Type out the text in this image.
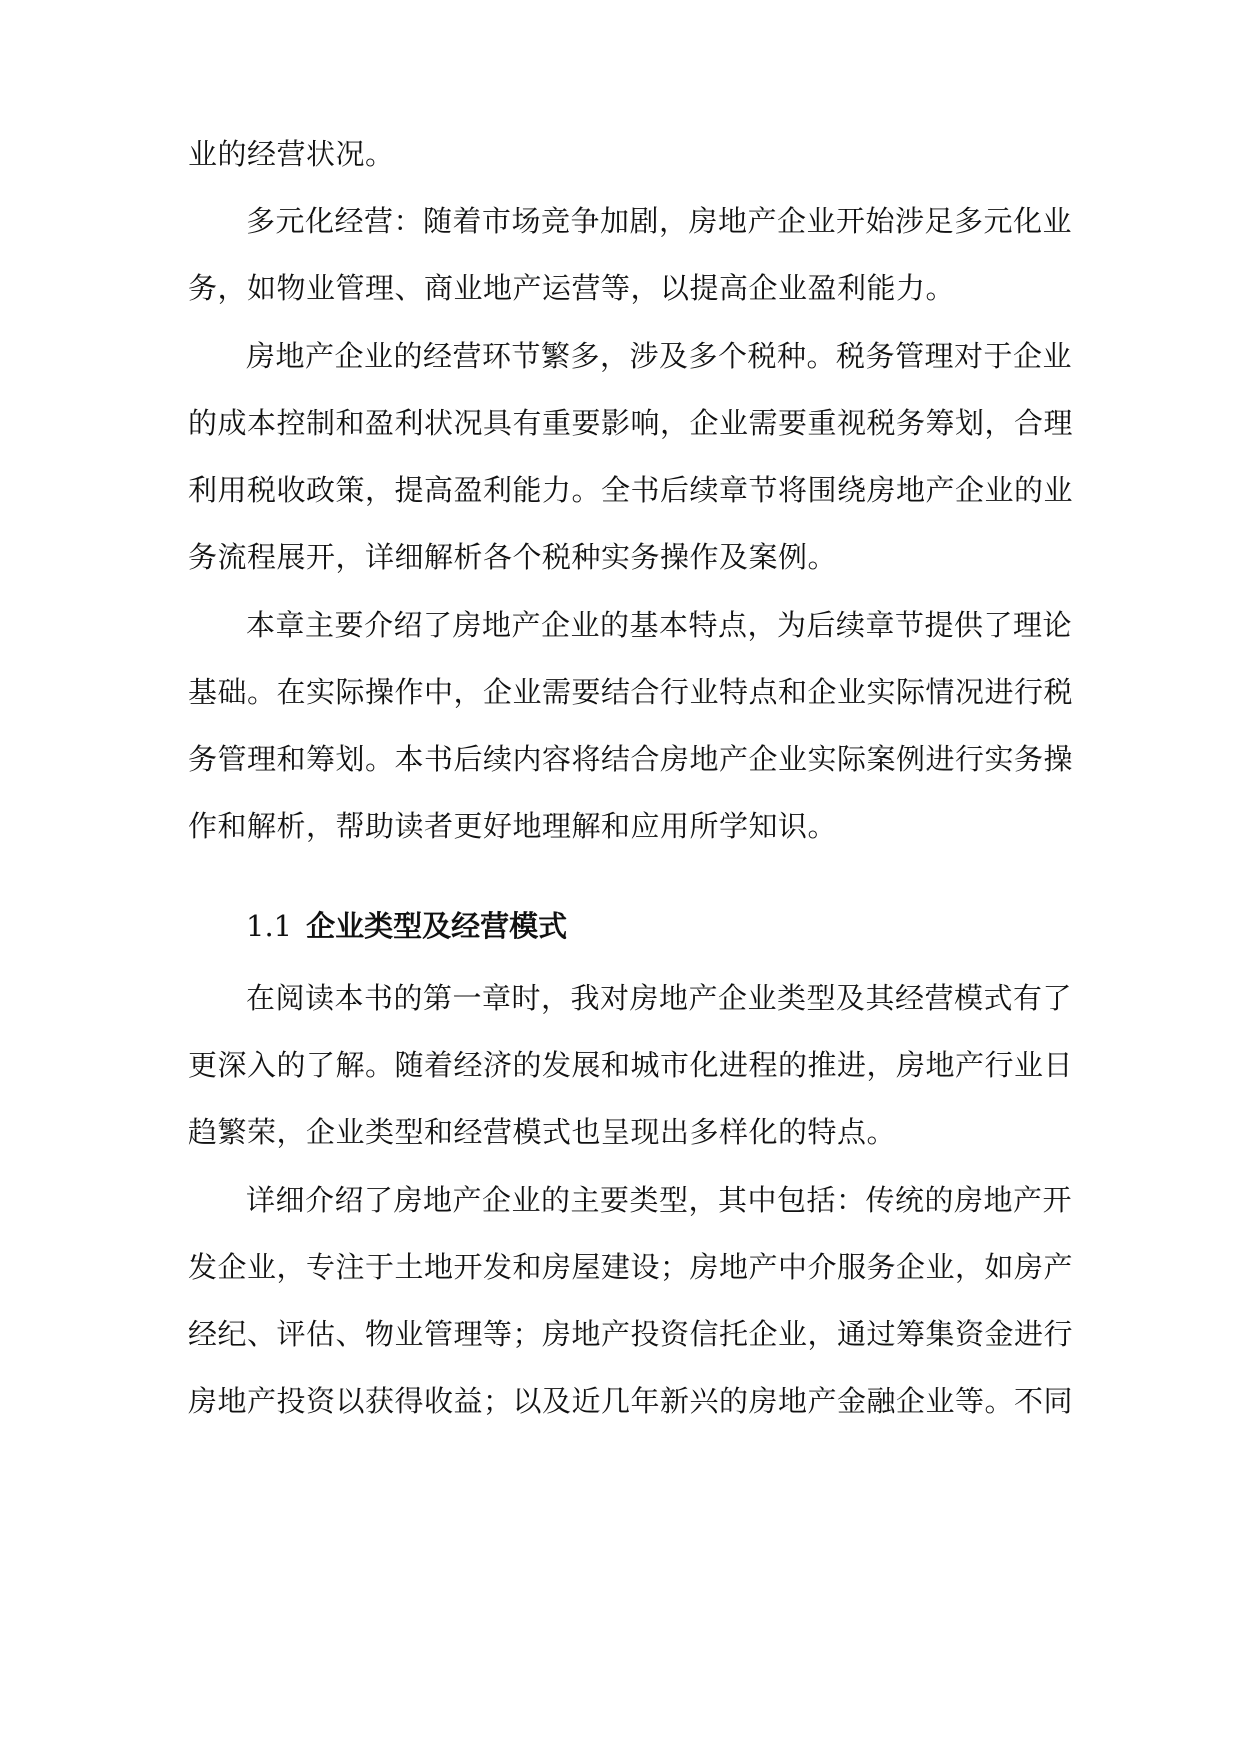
业的经营状况。
多元化经营：随着市场竞争加剧，房地产企业开始涉足多元化业
务，如物业管理、商业地产运营等，以提高企业盈利能力。
房地产企业的经营环节繁多，涉及多个税种。税务管理对于企业
的成本控制和盈利状况具有重要影响，企业需要重视税务筹划，合理
利用税收政策，提高盈利能力。全书后续章节将围绕房地产企业的业
务流程展开，详细解析各个税种实务操作及案例。
本章主要介绍了房地产企业的基本特点，为后续章节提供了理论
基础。在实际操作中，企业需要结合行业特点和企业实际情况进行税
务管理和筹划。本书后续内容将结合房地产企业实际案例进行实务操
作和解析，帮助读者更好地理解和应用所学知识。
1.1 企业类型及经营模式
在阅读本书的第一章时，我对房地产企业类型及其经营模式有了
更深入的了解。随着经济的发展和城市化进程的推进，房地产行业日
趋繁荣，企业类型和经营模式也呈现出多样化的特点。
详细介绍了房地产企业的主要类型，其中包括：传统的房地产开
发企业，专注于土地开发和房屋建设；房地产中介服务企业，如房产
经纪、评估、物业管理等；房地产投资信托企业，通过筹集资金进行
房地产投资以获得收益；以及近几年新兴的房地产金融企业等。不同
